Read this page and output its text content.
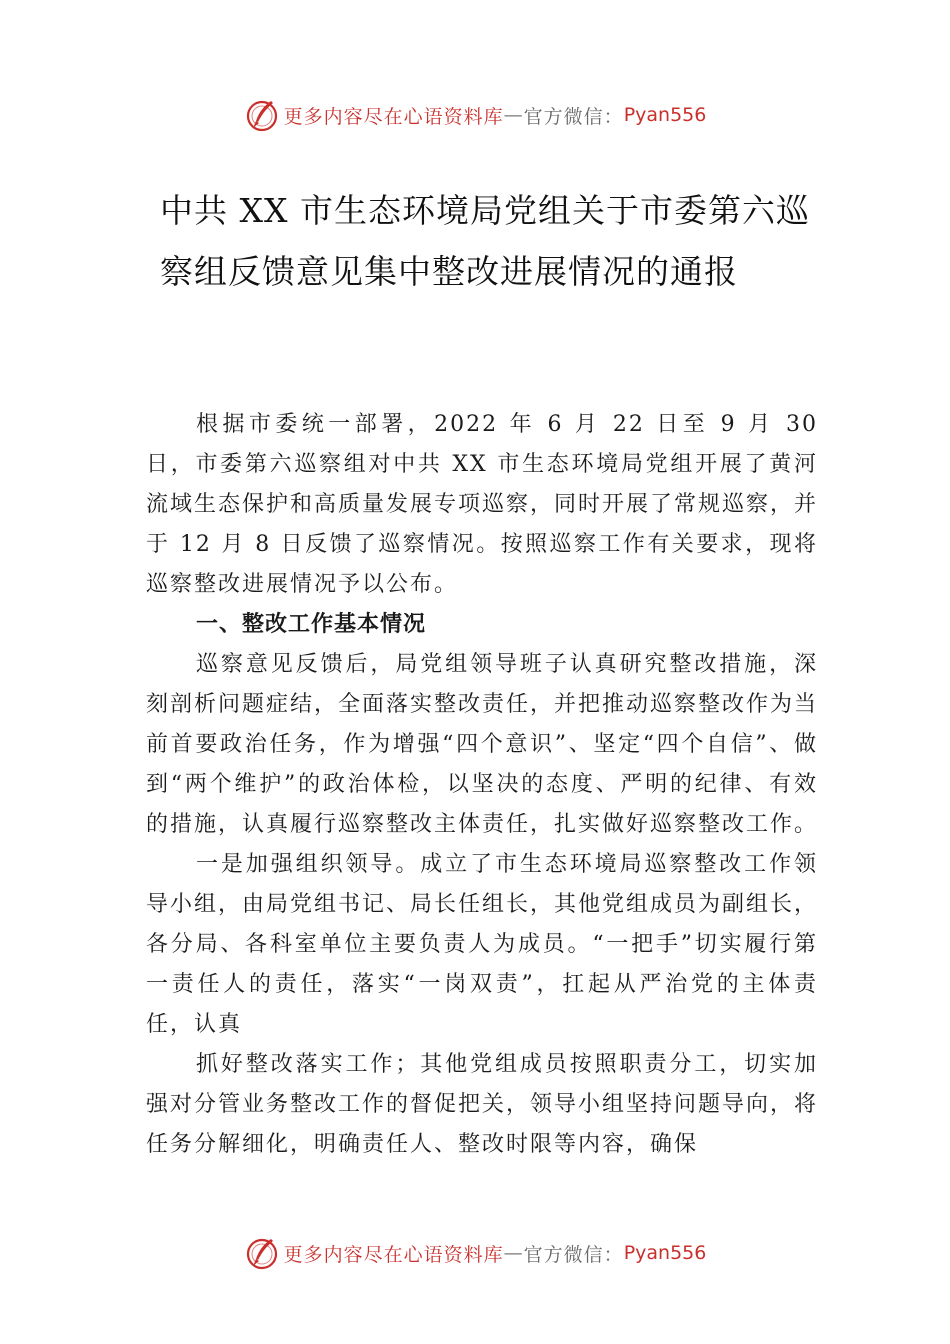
更多内容尽在心语资料库 — 官方微信： Pyan556
中共 XX 市生态环境局党组关于市委第六巡察组反馈意见集中整改进展情况的通报

根据市委统一部署，2022 年 6 月 22 日至 9 月 30 日，市委第六巡察组对中共 XX 市生态环境局党组开展了黄河流域生态保护和高质量发展专项巡察，同时开展了常规巡察，并于 12 月 8 日反馈了巡察情况。按照巡察工作有关要求，现将巡察整改进展情况予以公布。

一、整改工作基本情况

巡察意见反馈后，局党组领导班子认真研究整改措施，深刻剖析问题症结，全面落实整改责任，并把推动巡察整改作为当前首要政治任务，作为增强“四个意识”、坚定“四个自信”、做到“两个维护”的政治体检，以坚决的态度、严明的纪律、有效的措施，认真履行巡察整改主体责任，扎实做好巡察整改工作。

一是加强组织领导。成立了市生态环境局巡察整改工作领导小组，由局党组书记、局长任组长，其他党组成员为副组长，各分局、各科室单位主要负责人为成员。“一把手”切实履行第一责任人的责任，落实“一岗双责”，扛起从严治党的主体责任，认真

抓好整改落实工作；其他党组成员按照职责分工，切实加强对分管业务整改工作的督促把关，领导小组坚持问题导向，将任务分解细化，明确责任人、整改时限等内容，确保

更多内容尽在心语资料库 — 官方微信： Pyan556
